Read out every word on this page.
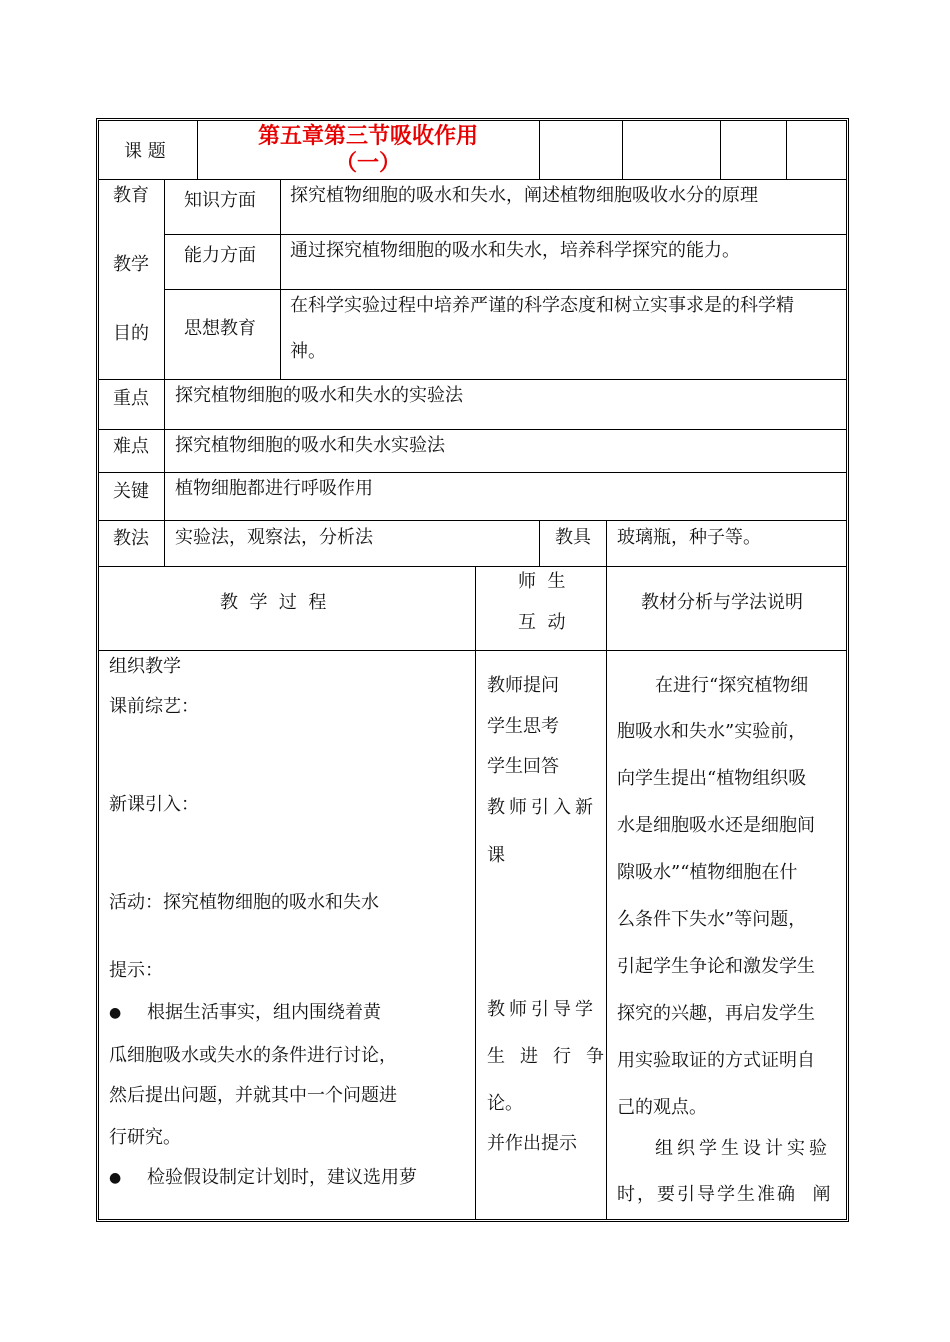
课 题
第五章第三节吸收作用
（一）
教育
教学
目的
知识方面 探究植物细胞的吸水和失水，阐述植物细胞吸收水分的原理
能力方面 通过探究植物细胞的吸水和失水，培养科学探究的能力。
思想教育
在科学实验过程中培养严谨的科学态度和树立实事求是的科学精
神。
重点 探究植物细胞的吸水和失水的实验法
难点 探究植物细胞的吸水和失水实验法
关键 植物细胞都进行呼吸作用
教法 实验法，观察法，分析法	教具 玻璃瓶，种子等。
教  学  过  程
师  生
互  动
教材分析与学法说明
组织教学
课前综艺：
新课引入：
活动：探究植物细胞的吸水和失水
提示：
● 根据生活事实，组内围绕着黄
瓜细胞吸水或失水的条件进行讨论，
然后提出问题，并就其中一个问题进
行研究。
● 检验假设制定计划时，建议选用萝
教师提问
学生思考
学生回答
教师引入新
课
教师引导学
生进行争
论。
并作出提示
在进行“探究植物细
胞吸水和失水”实验前，
向学生提出“植物组织吸
水是细胞吸水还是细胞间
隙吸水”“植物细胞在什
么条件下失水”等问题，
引起学生争论和激发学生
探究的兴趣，再启发学生
用实验取证的方式证明自
己的观点。
组织学生设计实验
时，要引导学生准确  阐
